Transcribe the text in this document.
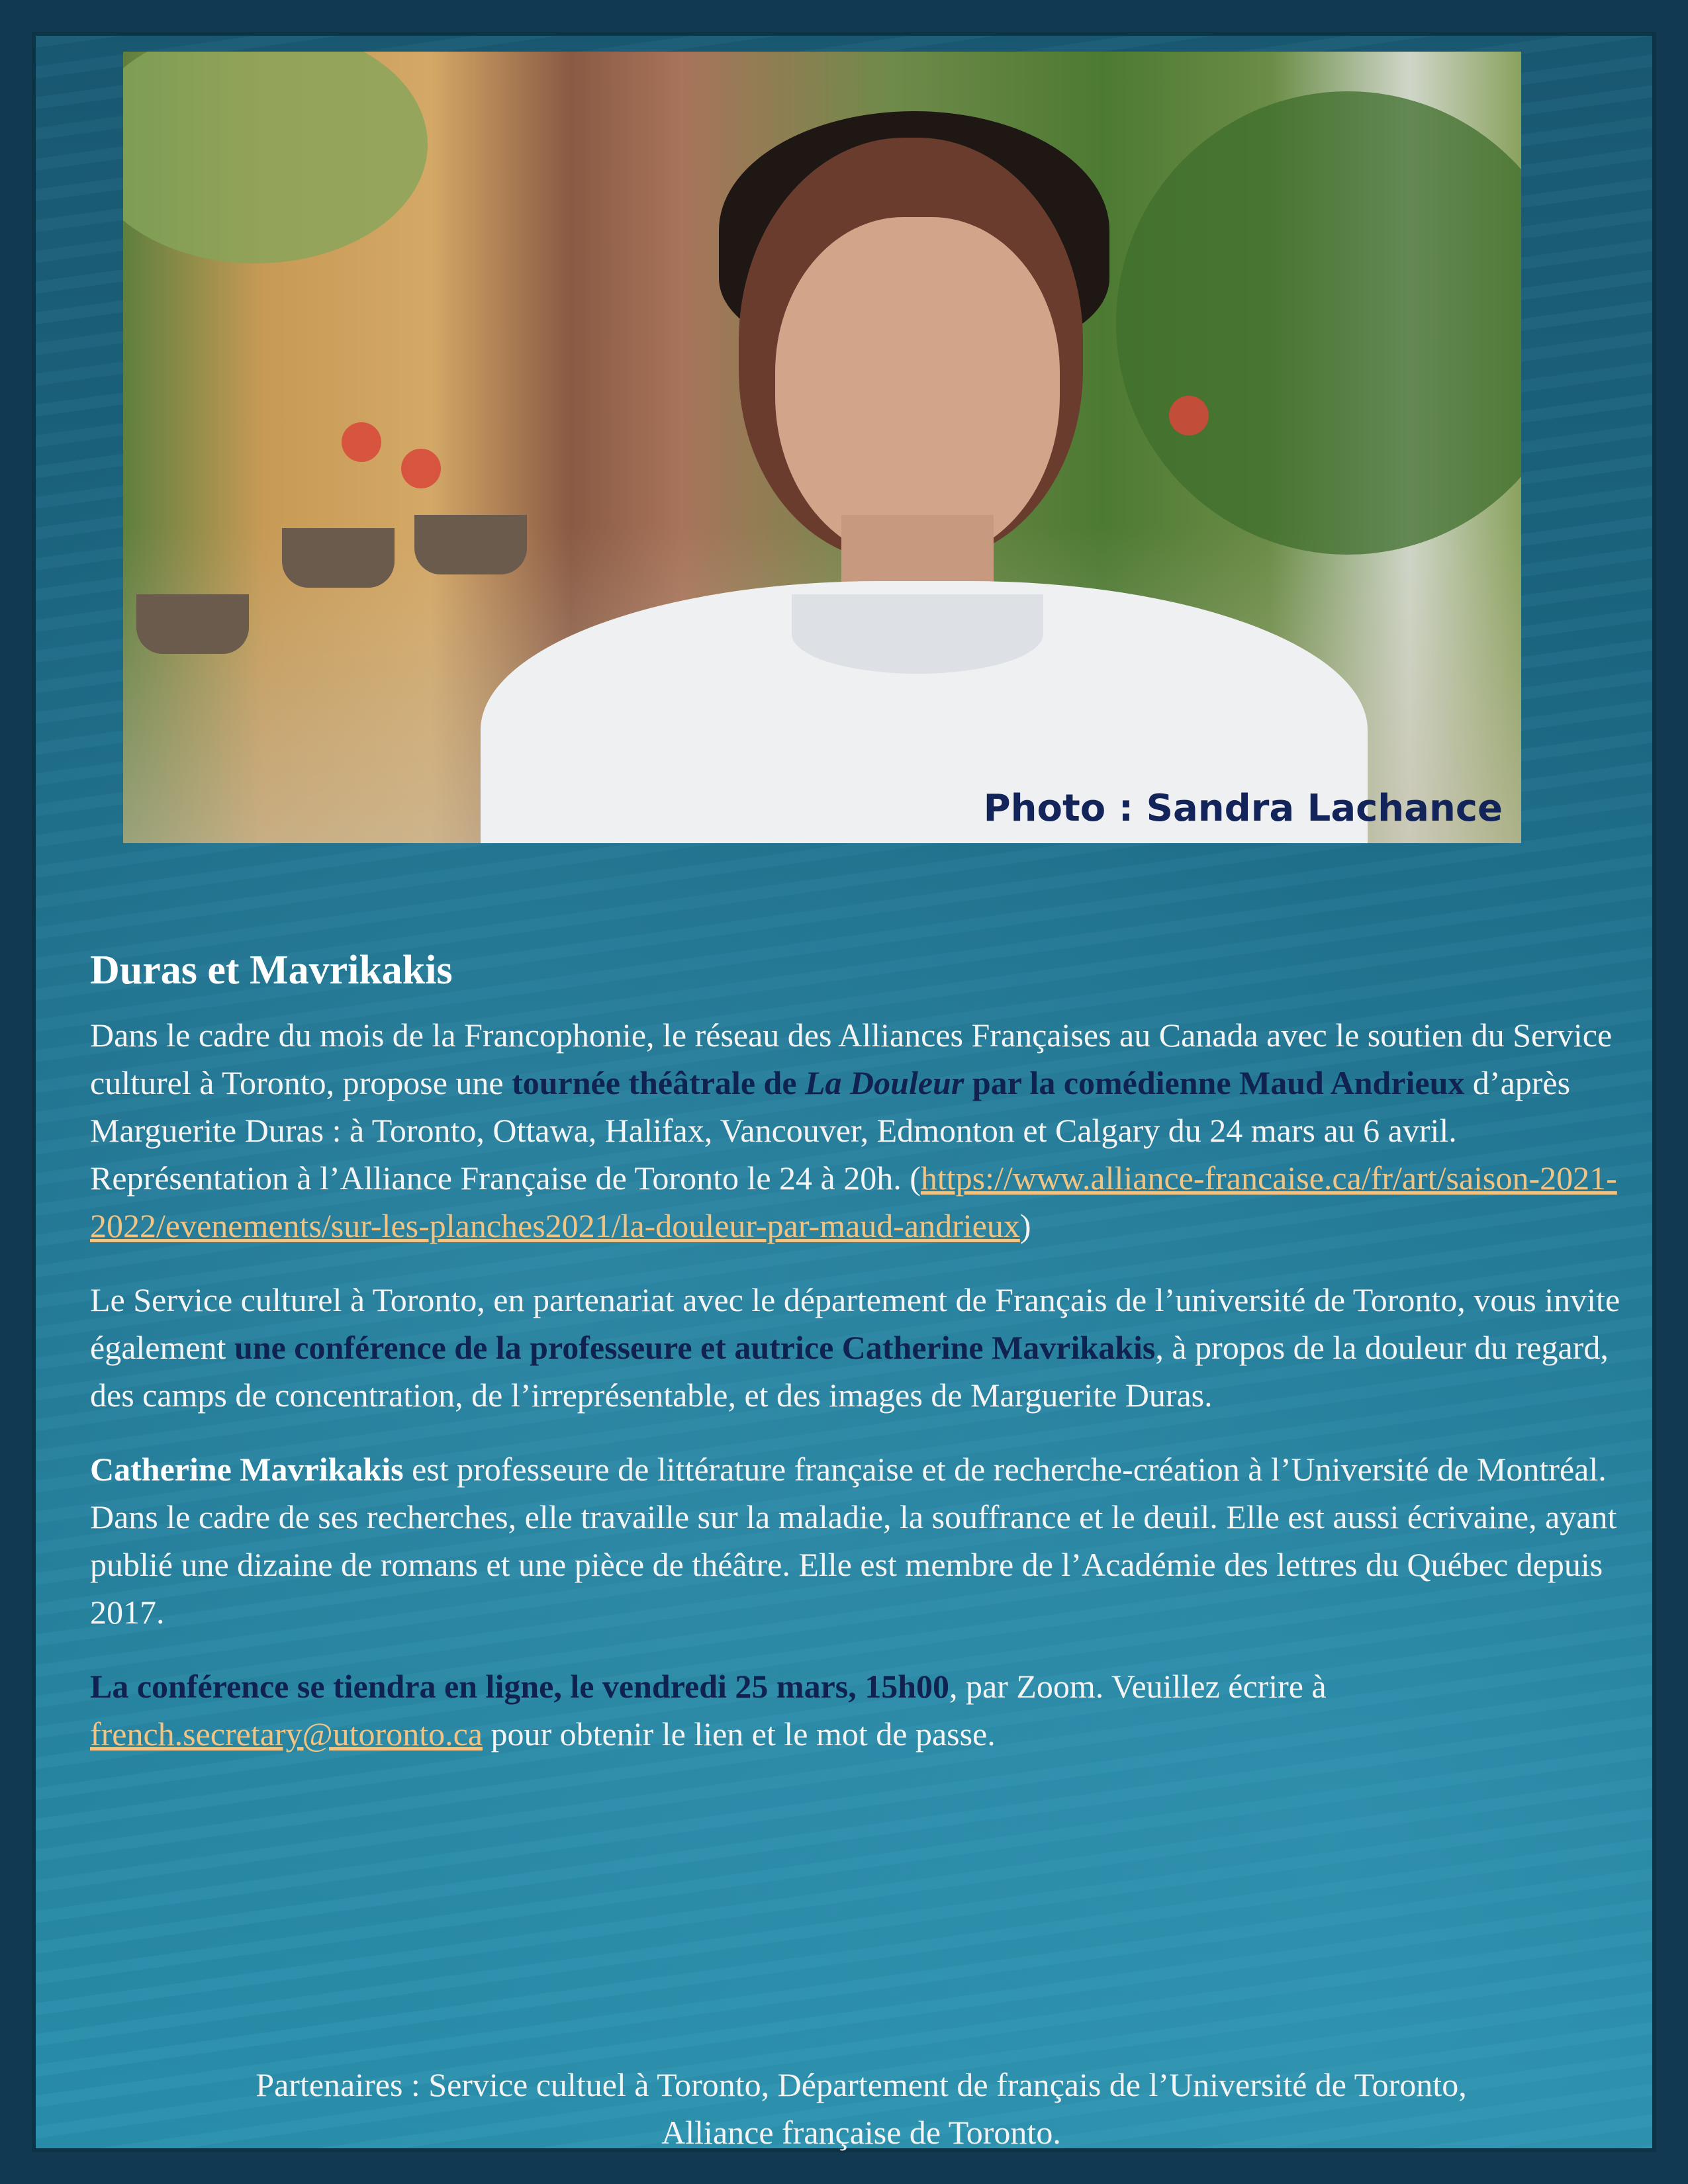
Photo : Sandra Lachance
Duras et Mavrikakis

Dans le cadre du mois de la Francophonie, le réseau des Alliances Françaises au Canada avec le soutien du Service culturel à Toronto, propose une tournée théâtrale de La Douleur par la comédienne Maud Andrieux d’après Marguerite Duras : à Toronto, Ottawa, Halifax, Vancouver, Edmonton et Calgary du 24 mars au 6 avril. Représentation à l’Alliance Française de Toronto le 24 à 20h. (https://www.alliance-francaise.ca/fr/art/saison-2021-2022/evenements/sur-les-planches2021/la-douleur-par-maud-andrieux)

Le Service culturel à Toronto, en partenariat avec le département de Français de l’université de Toronto, vous invite également une conférence de la professeure et autrice Catherine Mavrikakis, à propos de la douleur du regard, des camps de concentration, de l’irreprésentable, et des images de Marguerite Duras.

Catherine Mavrikakis est professeure de littérature française et de recherche-création à l’Université de Montréal. Dans le cadre de ses recherches, elle travaille sur la maladie, la souffrance et le deuil. Elle est aussi écrivaine, ayant publié une dizaine de romans et une pièce de théâtre. Elle est membre de l’Académie des lettres du Québec depuis 2017.

La conférence se tiendra en ligne, le vendredi 25 mars, 15h00, par Zoom. Veuillez écrire à french.secretary@utoronto.ca pour obtenir le lien et le mot de passe.

Partenaires : Service cultuel à Toronto, Département de français de l’Université de Toronto,
Alliance française de Toronto.
